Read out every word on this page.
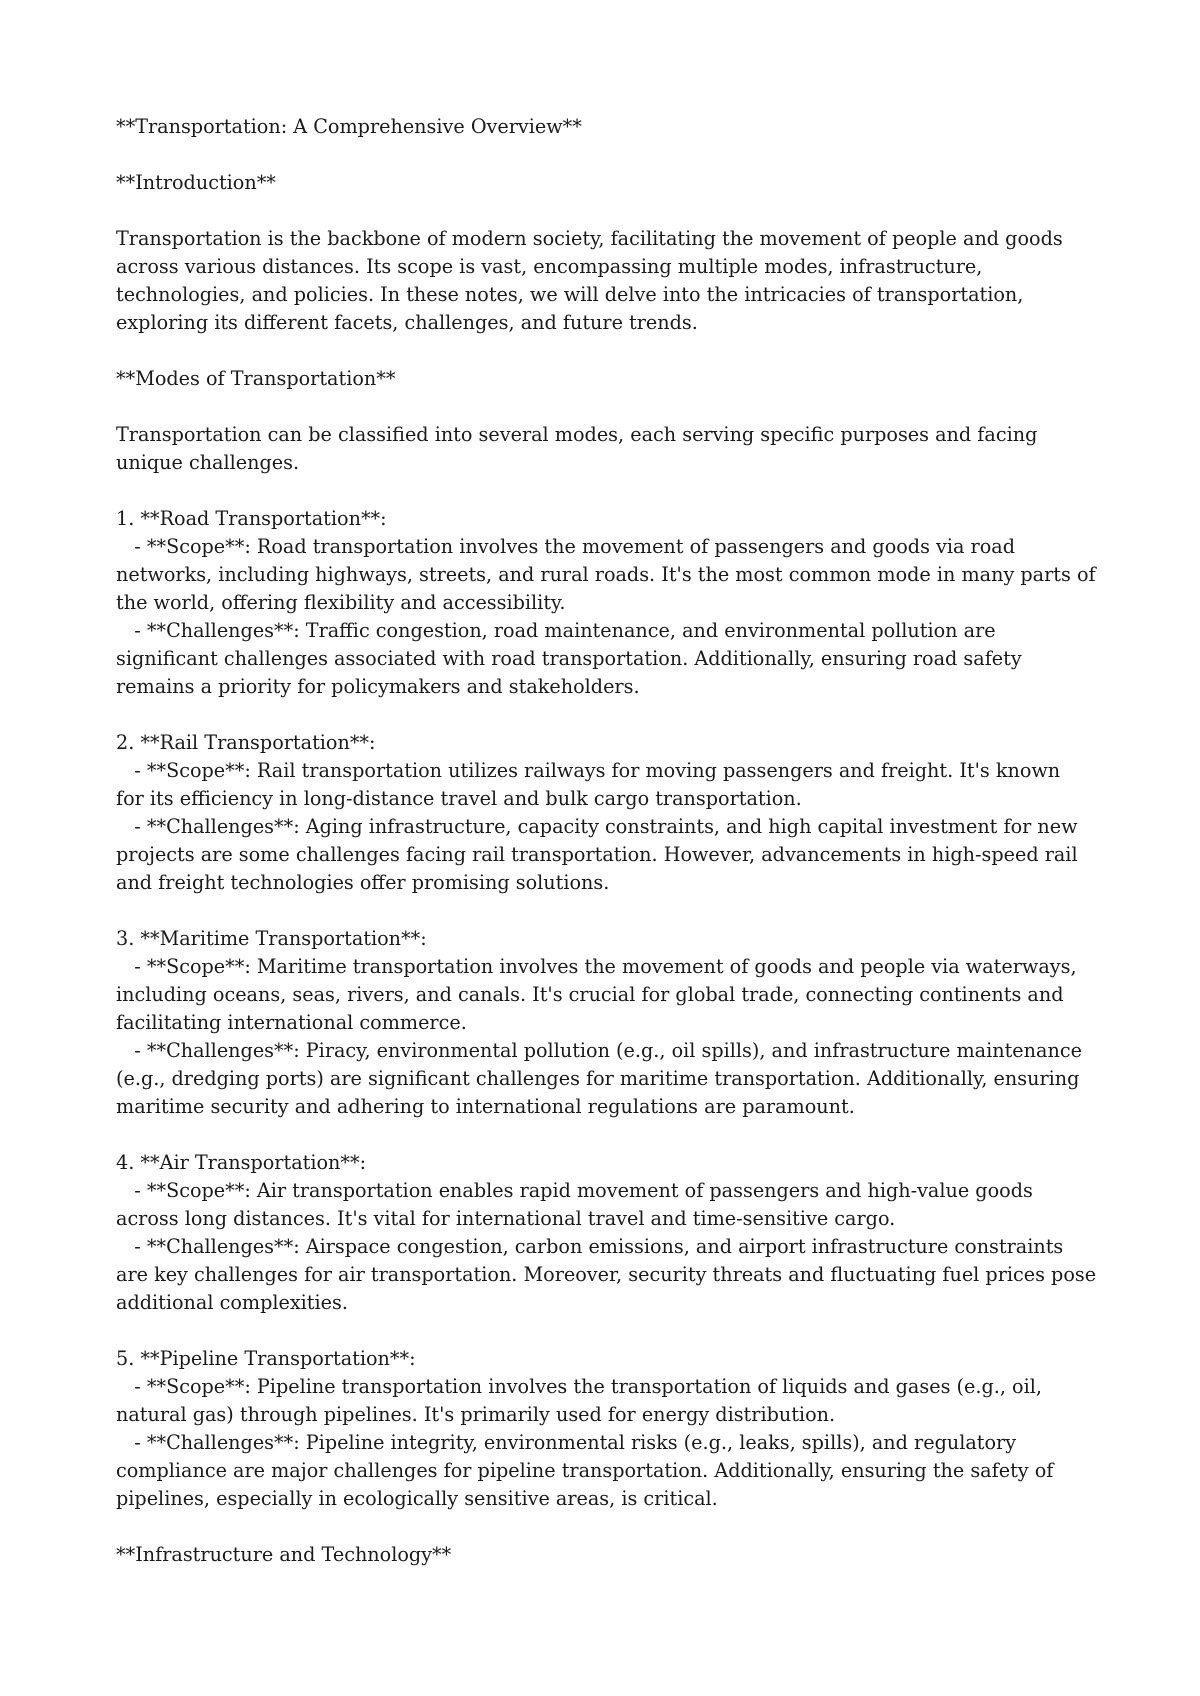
**Transportation: A Comprehensive Overview**

**Introduction**

Transportation is the backbone of modern society, facilitating the movement of people and goods

across various distances. Its scope is vast, encompassing multiple modes, infrastructure,

technologies, and policies. In these notes, we will delve into the intricacies of transportation,

exploring its different facets, challenges, and future trends.

**Modes of Transportation**

Transportation can be classified into several modes, each serving specific purposes and facing

unique challenges.

1. **Road Transportation**:

- **Scope**: Road transportation involves the movement of passengers and goods via road

networks, including highways, streets, and rural roads. It's the most common mode in many parts of

the world, offering flexibility and accessibility.

- **Challenges**: Traffic congestion, road maintenance, and environmental pollution are

significant challenges associated with road transportation. Additionally, ensuring road safety

remains a priority for policymakers and stakeholders.

2. **Rail Transportation**:

- **Scope**: Rail transportation utilizes railways for moving passengers and freight. It's known

for its efficiency in long-distance travel and bulk cargo transportation.

- **Challenges**: Aging infrastructure, capacity constraints, and high capital investment for new

projects are some challenges facing rail transportation. However, advancements in high-speed rail

and freight technologies offer promising solutions.

3. **Maritime Transportation**:

- **Scope**: Maritime transportation involves the movement of goods and people via waterways,

including oceans, seas, rivers, and canals. It's crucial for global trade, connecting continents and

facilitating international commerce.

- **Challenges**: Piracy, environmental pollution (e.g., oil spills), and infrastructure maintenance

(e.g., dredging ports) are significant challenges for maritime transportation. Additionally, ensuring

maritime security and adhering to international regulations are paramount.

4. **Air Transportation**:

- **Scope**: Air transportation enables rapid movement of passengers and high-value goods

across long distances. It's vital for international travel and time-sensitive cargo.

- **Challenges**: Airspace congestion, carbon emissions, and airport infrastructure constraints

are key challenges for air transportation. Moreover, security threats and fluctuating fuel prices pose

additional complexities.

5. **Pipeline Transportation**:

- **Scope**: Pipeline transportation involves the transportation of liquids and gases (e.g., oil,

natural gas) through pipelines. It's primarily used for energy distribution.

- **Challenges**: Pipeline integrity, environmental risks (e.g., leaks, spills), and regulatory

compliance are major challenges for pipeline transportation. Additionally, ensuring the safety of

pipelines, especially in ecologically sensitive areas, is critical.

**Infrastructure and Technology**
